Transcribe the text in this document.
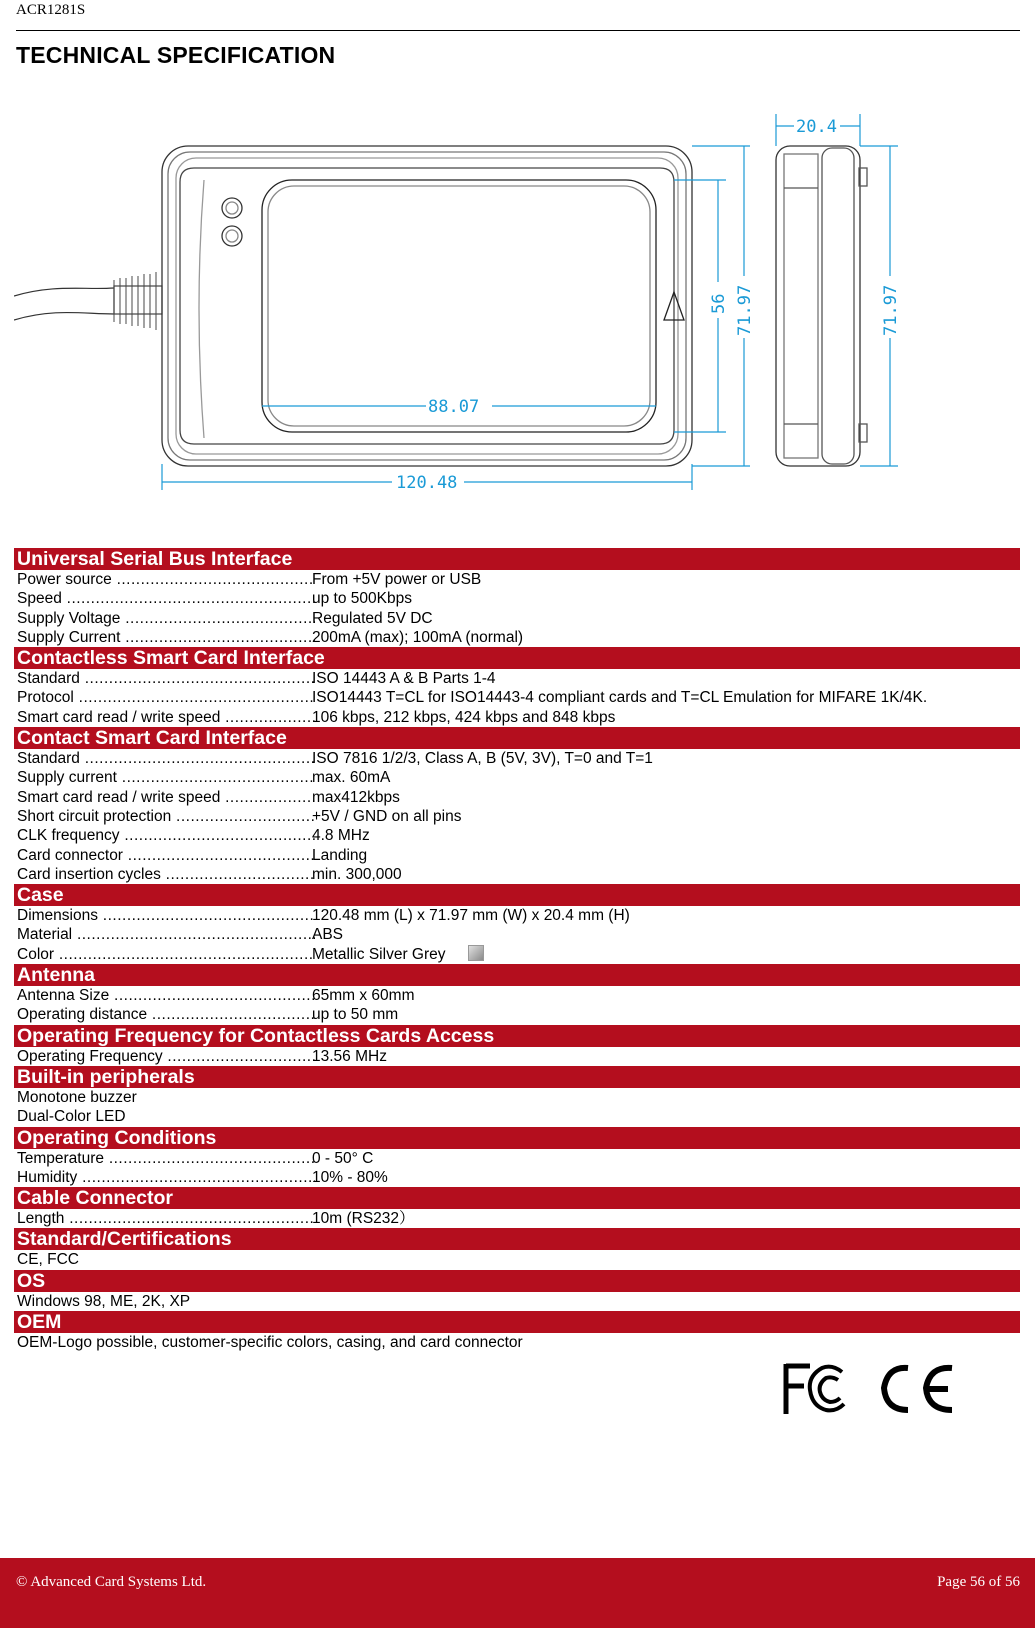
ACR1281S
TECHNICAL SPECIFICATION
120.48
88.07
20.4
56 71.97	71.97
Universal Serial Bus Interface
Power source .....	From +5V power or USB
Speed .....	up to 500Kbps
Supply Voltage .....	Regulated 5V DC
Supply Current .....	200mA (max); 100mA (normal)
Contactless Smart Card Interface
Standard .....	ISO 14443 A & B Parts 1-4
Protocol .....	ISO14443 T=CL for ISO14443-4 compliant cards and T=CL Emulation for MIFARE 1K/4K.
Smart card read / write speed .....	106 kbps, 212 kbps, 424 kbps and 848 kbps
Contact Smart Card Interface
Standard .....	ISO 7816 1/2/3, Class A, B (5V, 3V), T=0 and T=1
Supply current .....	max. 60mA
Smart card read / write speed .....	max412kbps
Short circuit protection .....	+5V / GND on all pins
CLK frequency .....	4.8 MHz
Card connector .....	Landing
Card insertion cycles .....	min. 300,000
Case
Dimensions .....	120.48 mm (L) x 71.97 mm (W) x 20.4 mm (H)
Material .....	ABS
Color .....	Metallic Silver Grey
Antenna
Antenna Size .....	65mm x 60mm
Operating distance .....	up to 50 mm
Operating Frequency for Contactless Cards Access
Operating Frequency .....	13.56 MHz
Built-in peripherals
Monotone buzzer
Dual-Color LED
Operating Conditions
Temperature .....	0 - 50° C
Humidity .....	10% - 80%
Cable Connector
Length .....	10m (RS232）
Standard/Certifications
CE, FCC
OS
Windows 98, ME, 2K, XP
OEM
OEM-Logo possible, customer-specific colors, casing, and card connector
© Advanced Card Systems Ltd.	Page 56 of 56
